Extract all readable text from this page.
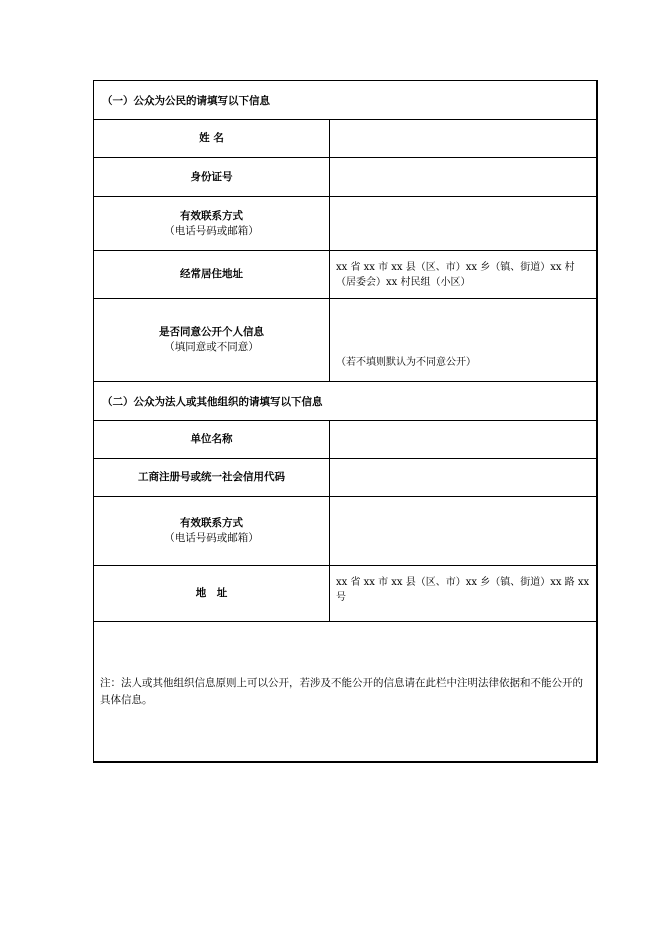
（一）公众为公民的请填写以下信息
姓 名
身份证号
有效联系方式
（电话号码或邮箱）
经常居住地址
xx 省 xx 市 xx 县（区、市）xx 乡（镇、街道）xx 村（居委会）xx 村民组（小区）
是否同意公开个人信息
（填同意或不同意）
（若不填则默认为不同意公开）
（二）公众为法人或其他组织的请填写以下信息
单位名称
工商注册号或统一社会信用代码
有效联系方式
（电话号码或邮箱）
地　址
xx 省 xx 市 xx 县（区、市）xx 乡（镇、街道）xx 路 xx 号
注：法人或其他组织信息原则上可以公开，若涉及不能公开的信息请在此栏中注明法律依据和不能公开的具体信息。
